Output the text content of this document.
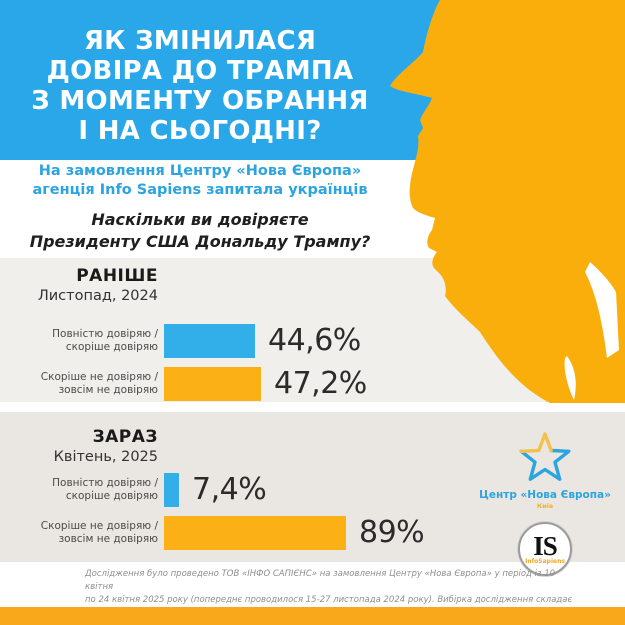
ЯК ЗМІНИЛАСЯ
ДОВІРА ДО ТРАМПА
З МОМЕНТУ ОБРАННЯ
І НА СЬОГОДНІ?
На замовлення Центру «Нова Європа»
агенція Info Sapiens запитала українців
Наскільки ви довіряєте
Президенту США Дональду Трампу?
РАНІШЕ
Листопад, 2024
Повністю довіряю /
скоріше довіряю	44,6%
Скоріше не довіряю /
зовсім не довіряю	47,2%
ЗАРАЗ
Квітень, 2025
Повністю довіряю /
скоріше довіряю 7,4%
Скоріше не довіряю /
зовсім не довіряю	89%
Центр «Нова Європа»
Київ
IS
InfoSapiens
Дослідження було проведено ТОВ «ІНФО САПІЄНС» на замовлення Центру «Нова Європа» у період із 10 квітня
по 24 квітня 2025 року (попереднє проводилося 15-27 листопада 2024 року). Вибірка дослідження складає
